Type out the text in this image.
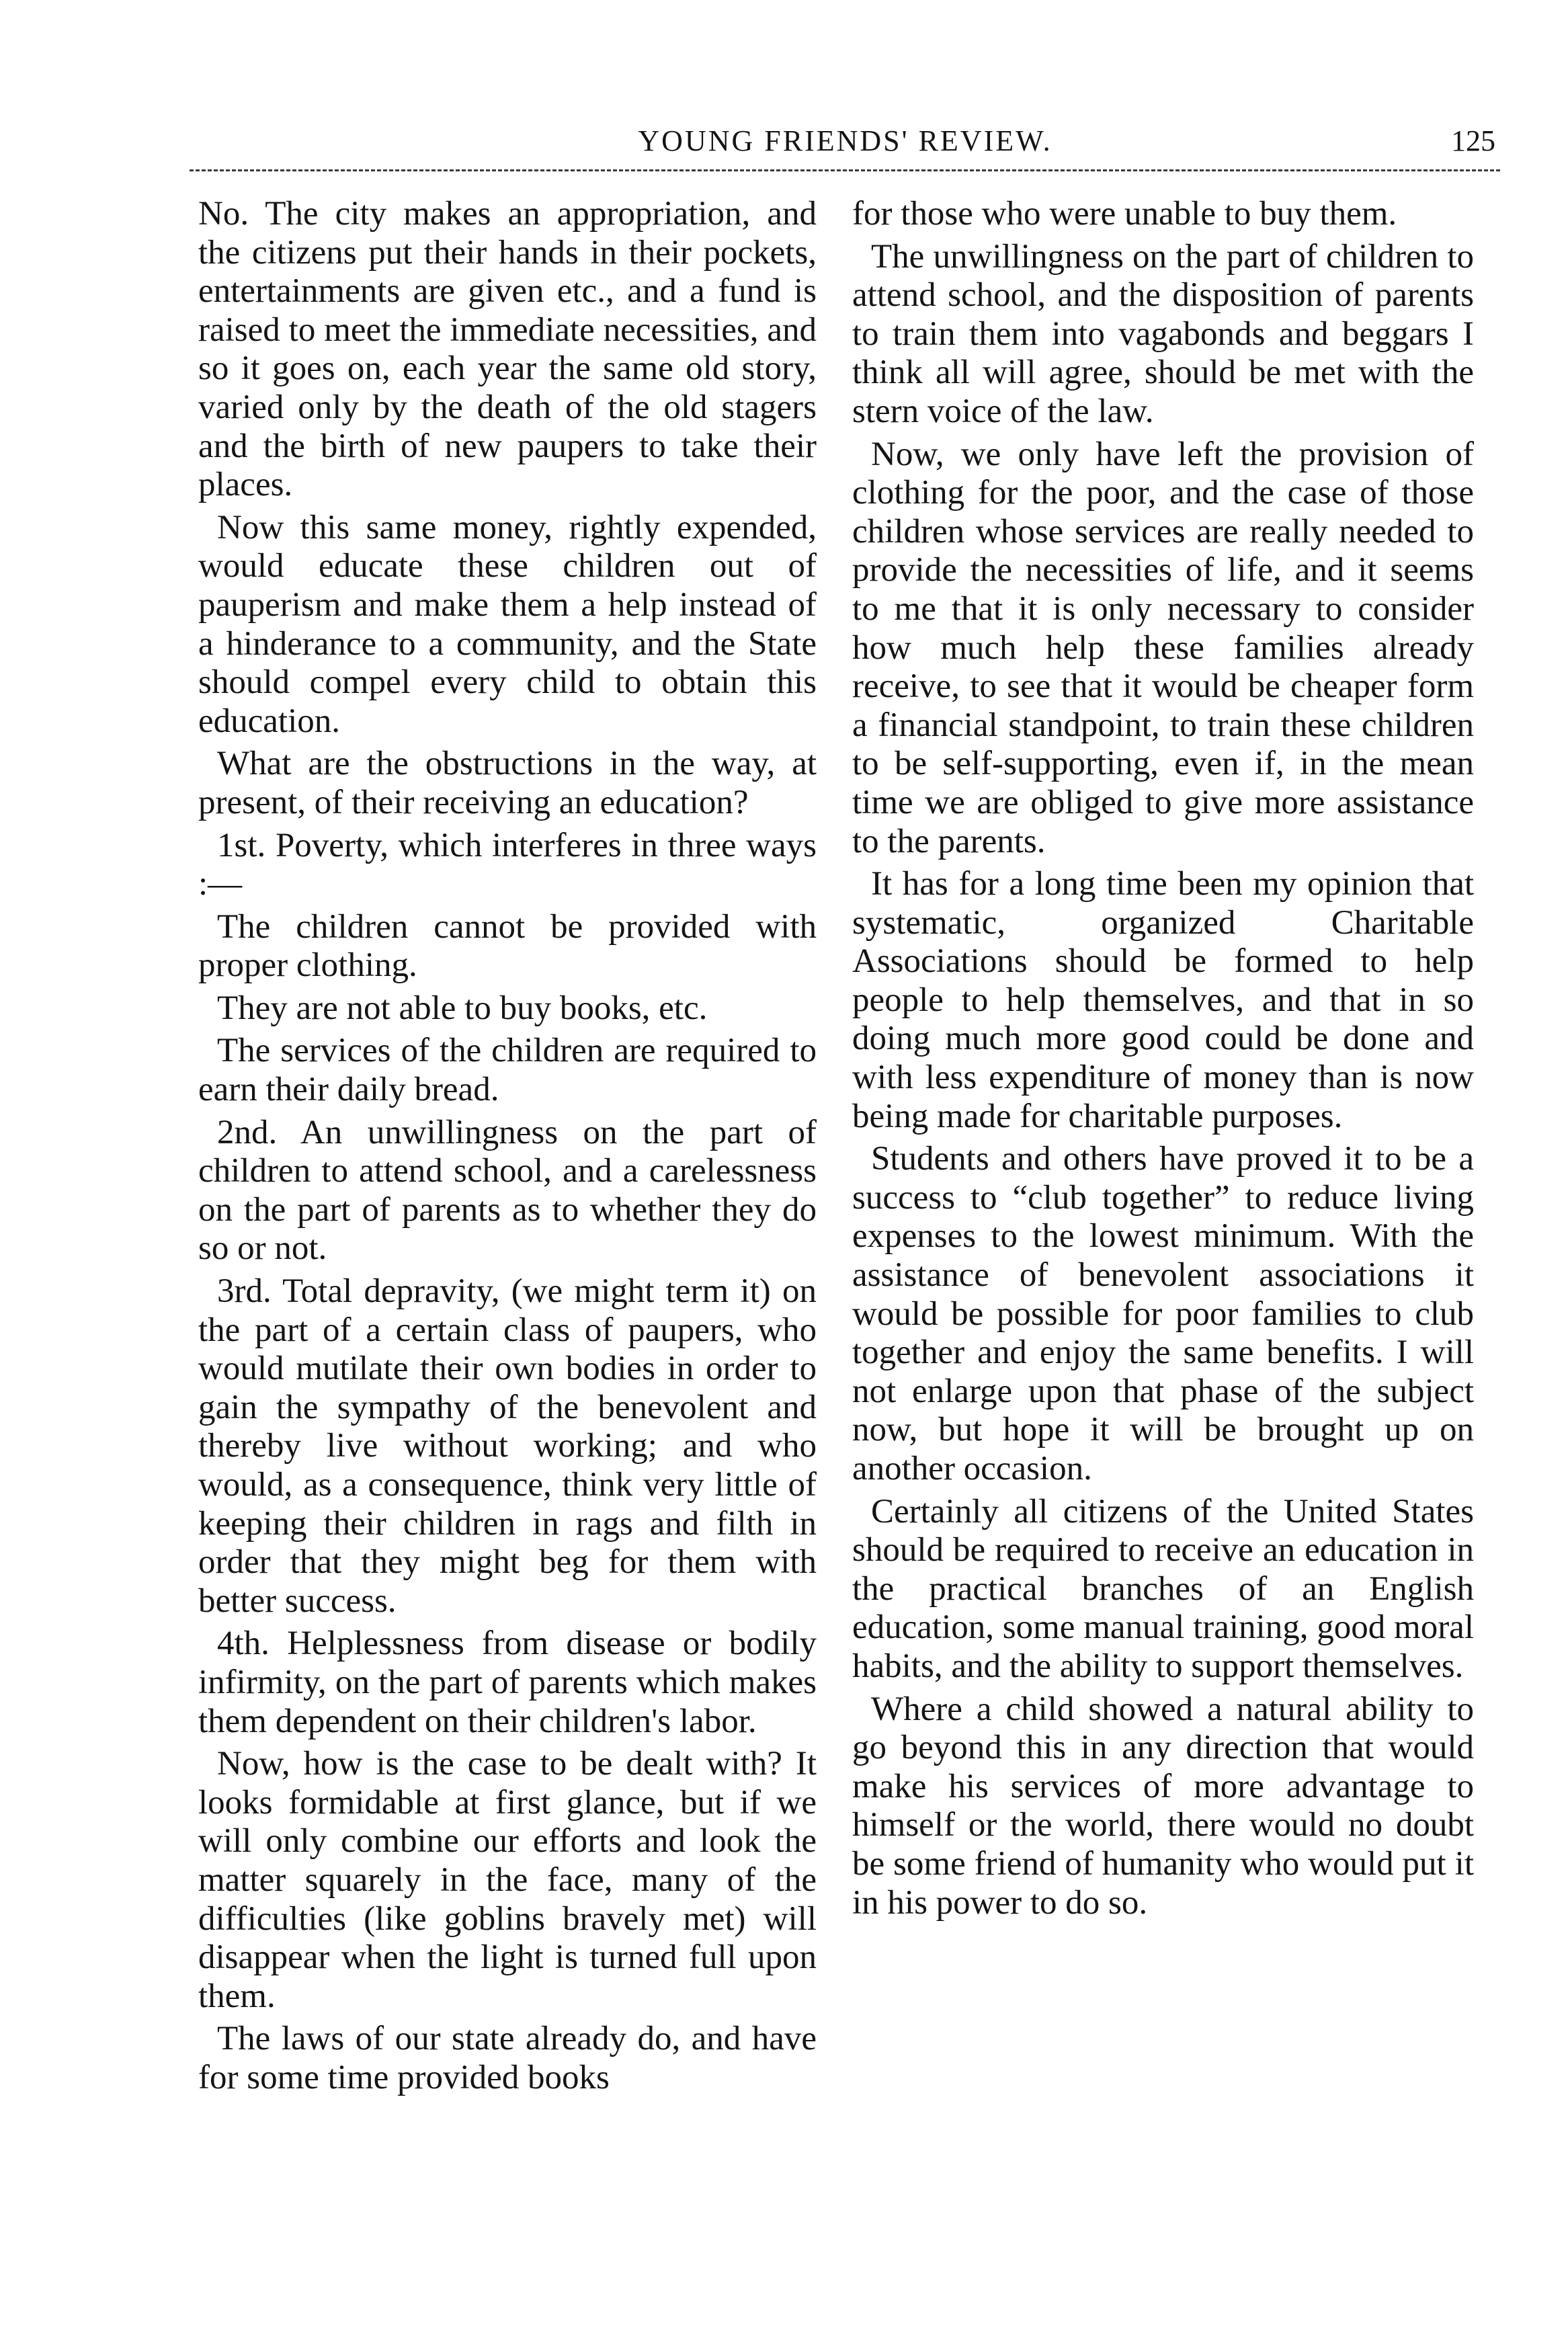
YOUNG FRIENDS' REVIEW.	125

No. The city makes an appropriation, and the citizens put their hands in their pockets, entertainments are given etc., and a fund is raised to meet the immediate necessities, and so it goes on, each year the same old story, varied only by the death of the old stagers and the birth of new paupers to take their places.

Now this same money, rightly expended, would educate these children out of pauperism and make them a help instead of a hinderance to a community, and the State should compel every child to obtain this education.

What are the obstructions in the way, at present, of their receiving an education?

1st. Poverty, which interferes in three ways :—

The children cannot be provided with proper clothing.

They are not able to buy books, etc.

The services of the children are required to earn their daily bread.

2nd. An unwillingness on the part of children to attend school, and a carelessness on the part of parents as to whether they do so or not.

3rd. Total depravity, (we might term it) on the part of a certain class of paupers, who would mutilate their own bodies in order to gain the sympathy of the benevolent and thereby live without working; and who would, as a consequence, think very little of keeping their children in rags and filth in order that they might beg for them with better success.

4th. Helplessness from disease or bodily infirmity, on the part of parents which makes them dependent on their children's labor.

Now, how is the case to be dealt with? It looks formidable at first glance, but if we will only combine our efforts and look the matter squarely in the face, many of the difficulties (like goblins bravely met) will disappear when the light is turned full upon them.

The laws of our state already do, and have for some time provided books

for those who were unable to buy them.

The unwillingness on the part of children to attend school, and the disposition of parents to train them into vagabonds and beggars I think all will agree, should be met with the stern voice of the law.

Now, we only have left the provision of clothing for the poor, and the case of those children whose services are really needed to provide the necessities of life, and it seems to me that it is only necessary to consider how much help these families already receive, to see that it would be cheaper form a financial standpoint, to train these children to be self-supporting, even if, in the mean time we are obliged to give more assistance to the parents.

It has for a long time been my opinion that systematic, organized Charitable Associations should be formed to help people to help themselves, and that in so doing much more good could be done and with less expenditure of money than is now being made for charitable purposes.

Students and others have proved it to be a success to “club together” to reduce living expenses to the lowest minimum. With the assistance of benevolent associations it would be possible for poor families to club together and enjoy the same benefits. I will not enlarge upon that phase of the subject now, but hope it will be brought up on another occasion.

Certainly all citizens of the United States should be required to receive an education in the practical branches of an English education, some manual training, good moral habits, and the ability to support themselves.

Where a child showed a natural ability to go beyond this in any direction that would make his services of more advantage to himself or the world, there would no doubt be some friend of humanity who would put it in his power to do so.
